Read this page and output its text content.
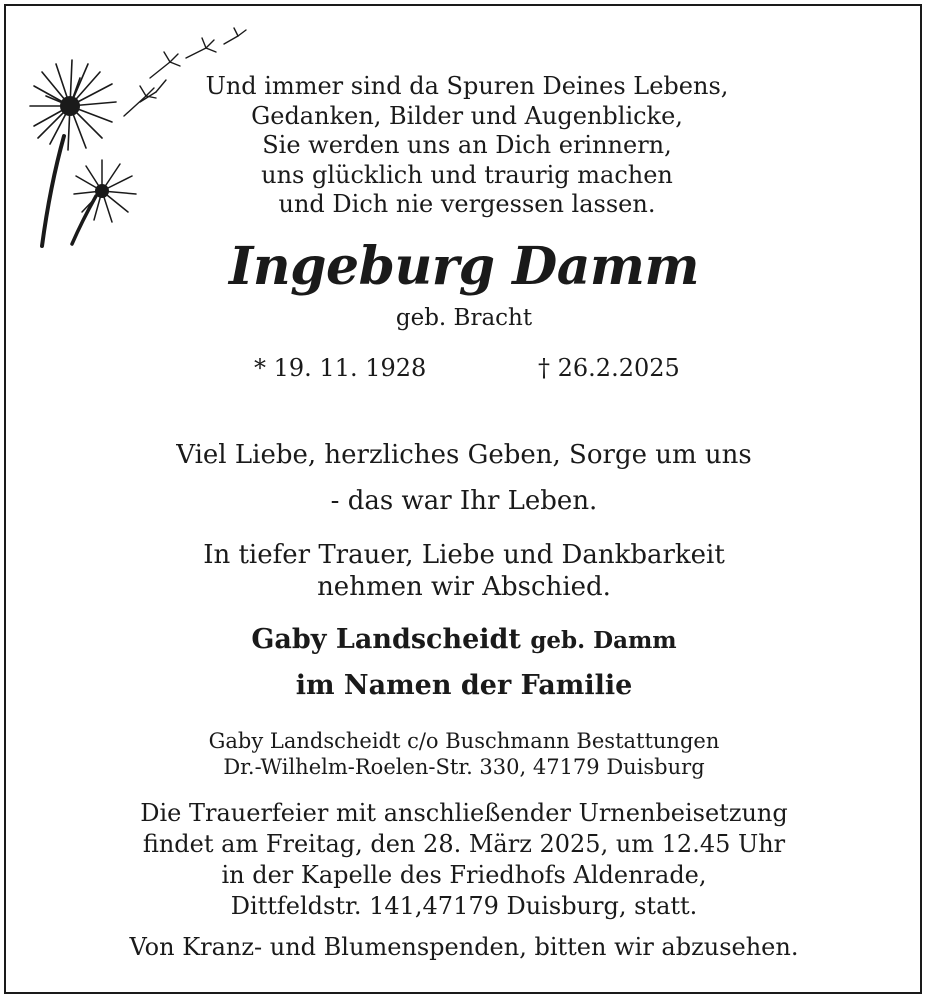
Und immer sind da Spuren Deines Lebens,
Gedanken, Bilder und Augenblicke,
Sie werden uns an Dich erinnern,
uns glücklich und traurig machen
und Dich nie vergessen lassen.
Ingeburg Damm
geb. Bracht
* 19. 11. 1928	† 26.2.2025
Viel Liebe, herzliches Geben, Sorge um uns
- das war Ihr Leben.
In tiefer Trauer, Liebe und Dankbarkeit
nehmen wir Abschied.
Gaby Landscheidt geb. Damm
im Namen der Familie
Gaby Landscheidt c/o Buschmann Bestattungen
Dr.-Wilhelm-Roelen-Str. 330, 47179 Duisburg
Die Trauerfeier mit anschließender Urnenbeisetzung
findet am Freitag, den 28. März 2025, um 12.45 Uhr
in der Kapelle des Friedhofs Aldenrade,
Dittfeldstr. 141,47179 Duisburg, statt.
Von Kranz- und Blumenspenden, bitten wir abzusehen.
